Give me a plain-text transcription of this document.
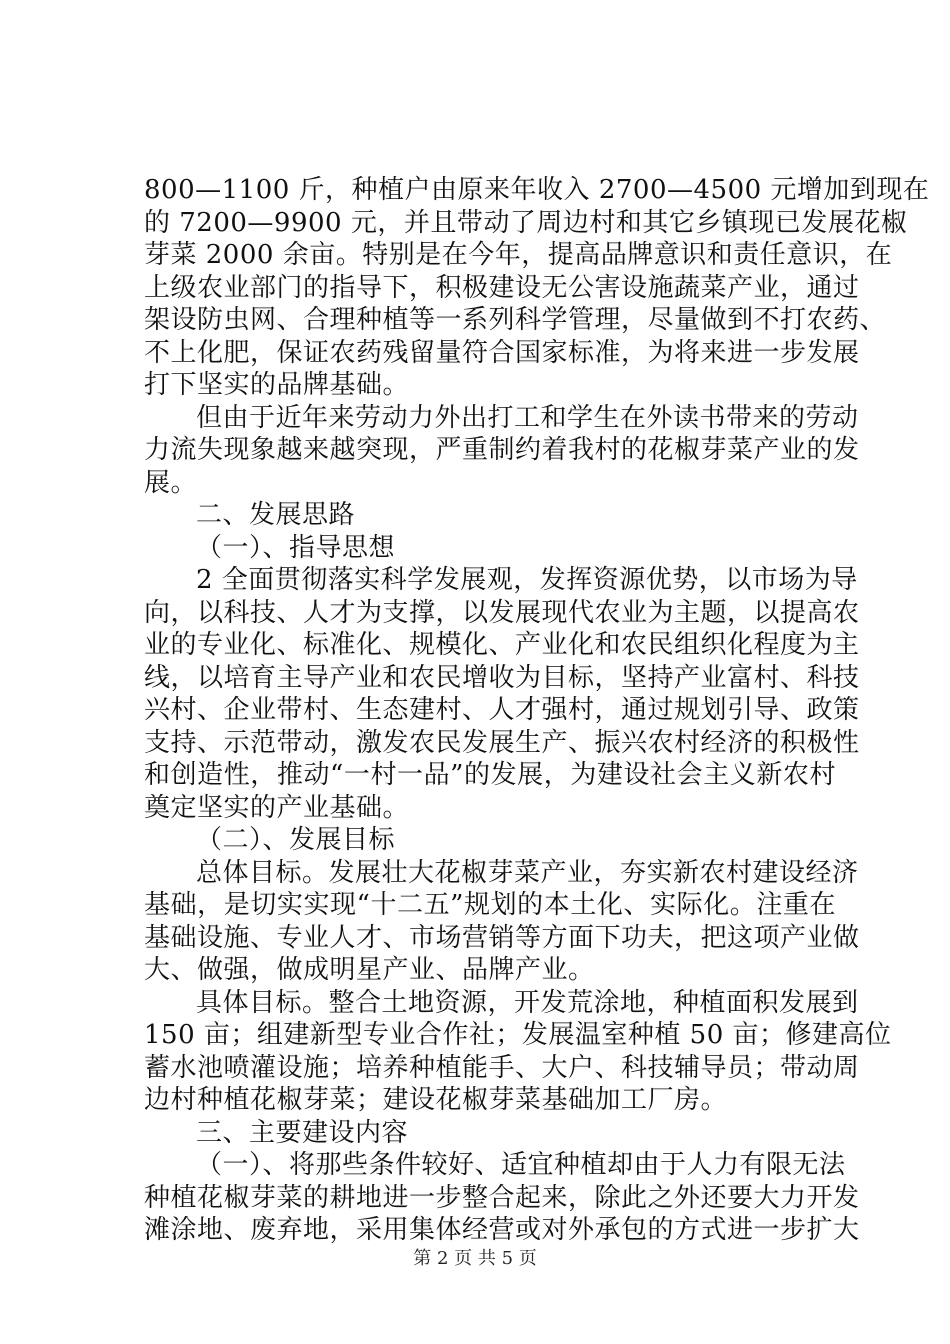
800—1100 斤，种植户由原来年收入 2700—4500 元增加到现在
的 7200—9900 元，并且带动了周边村和其它乡镇现已发展花椒
芽菜 2000 余亩。特别是在今年，提高品牌意识和责任意识，在
上级农业部门的指导下，积极建设无公害设施蔬菜产业，通过
架设防虫网、合理种植等一系列科学管理，尽量做到不打农药、
不上化肥，保证农药残留量符合国家标准，为将来进一步发展
打下坚实的品牌基础。
但由于近年来劳动力外出打工和学生在外读书带来的劳动
力流失现象越来越突现，严重制约着我村的花椒芽菜产业的发
展。
二、发展思路
（一）、指导思想
2 全面贯彻落实科学发展观，发挥资源优势，以市场为导
向，以科技、人才为支撑，以发展现代农业为主题，以提高农
业的专业化、标准化、规模化、产业化和农民组织化程度为主
线，以培育主导产业和农民增收为目标，坚持产业富村、科技
兴村、企业带村、生态建村、人才强村，通过规划引导、政策
支持、示范带动，激发农民发展生产、振兴农村经济的积极性
和创造性，推动“一村一品”的发展，为建设社会主义新农村
奠定坚实的产业基础。
（二）、发展目标
总体目标。发展壮大花椒芽菜产业，夯实新农村建设经济
基础，是切实实现“十二五”规划的本土化、实际化。注重在
基础设施、专业人才、市场营销等方面下功夫，把这项产业做
大、做强，做成明星产业、品牌产业。
具体目标。整合土地资源，开发荒涂地，种植面积发展到
150 亩；组建新型专业合作社；发展温室种植 50 亩；修建高位
蓄水池喷灌设施；培养种植能手、大户、科技辅导员；带动周
边村种植花椒芽菜；建设花椒芽菜基础加工厂房。
三、主要建设内容
（一）、将那些条件较好、适宜种植却由于人力有限无法
种植花椒芽菜的耕地进一步整合起来，除此之外还要大力开发
滩涂地、废弃地，采用集体经营或对外承包的方式进一步扩大
第 2 页 共 5 页
